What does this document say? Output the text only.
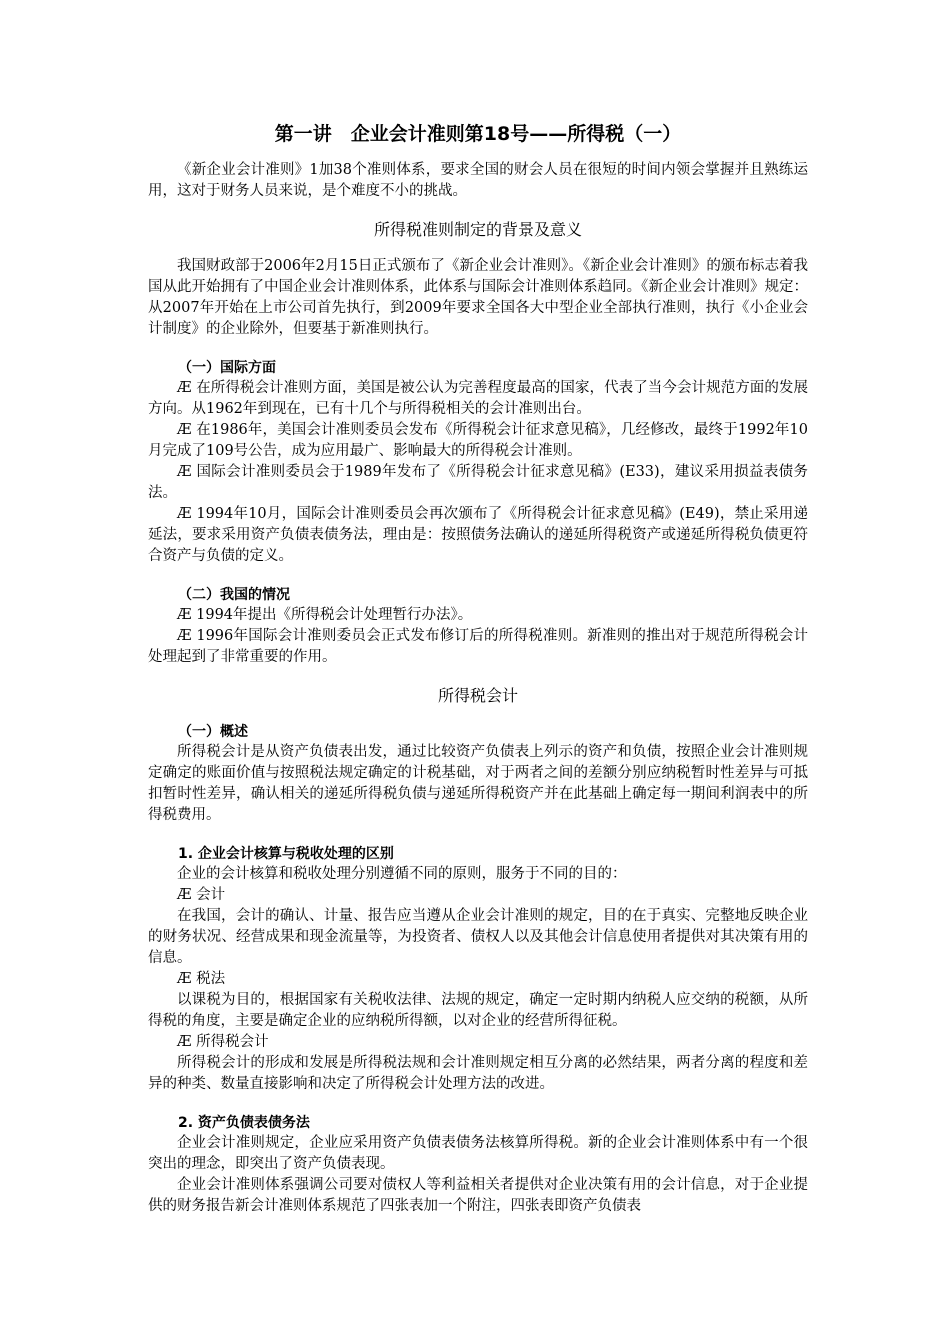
第一讲　企业会计准则第18号——所得税（一）

《新企业会计准则》1加38个准则体系，要求全国的财会人员在很短的时间内领会掌握并且熟练运用，这对于财务人员来说，是个难度不小的挑战。

所得税准则制定的背景及意义

我国财政部于2006年2月15日正式颁布了《新企业会计准则》。《新企业会计准则》的颁布标志着我国从此开始拥有了中国企业会计准则体系，此体系与国际会计准则体系趋同。《新企业会计准则》规定：从2007年开始在上市公司首先执行，到2009年要求全国各大中型企业全部执行准则，执行《小企业会计制度》的企业除外，但要基于新准则执行。

（一）国际方面

Æ 在所得税会计准则方面，美国是被公认为完善程度最高的国家，代表了当今会计规范方面的发展方向。从1962年到现在，已有十几个与所得税相关的会计准则出台。

Æ 在1986年，美国会计准则委员会发布《所得税会计征求意见稿》，几经修改，最终于1992年10月完成了109号公告，成为应用最广、影响最大的所得税会计准则。

Æ 国际会计准则委员会于1989年发布了《所得税会计征求意见稿》(E33)，建议采用损益表债务法。

Æ 1994年10月，国际会计准则委员会再次颁布了《所得税会计征求意见稿》(E49)，禁止采用递延法，要求采用资产负债表债务法，理由是：按照债务法确认的递延所得税资产或递延所得税负债更符合资产与负债的定义。

（二）我国的情况

Æ 1994年提出《所得税会计处理暂行办法》。

Æ 1996年国际会计准则委员会正式发布修订后的所得税准则。新准则的推出对于规范所得税会计处理起到了非常重要的作用。

所得税会计
（一）概述

所得税会计是从资产负债表出发，通过比较资产负债表上列示的资产和负债，按照企业会计准则规定确定的账面价值与按照税法规定确定的计税基础，对于两者之间的差额分别应纳税暂时性差异与可抵扣暂时性差异，确认相关的递延所得税负债与递延所得税资产并在此基础上确定每一期间利润表中的所得税费用。

1. 企业会计核算与税收处理的区别

企业的会计核算和税收处理分别遵循不同的原则，服务于不同的目的：

Æ 会计

在我国，会计的确认、计量、报告应当遵从企业会计准则的规定，目的在于真实、完整地反映企业的财务状况、经营成果和现金流量等，为投资者、债权人以及其他会计信息使用者提供对其决策有用的信息。

Æ 税法

以课税为目的，根据国家有关税收法律、法规的规定，确定一定时期内纳税人应交纳的税额，从所得税的角度，主要是确定企业的应纳税所得额，以对企业的经营所得征税。

Æ 所得税会计

所得税会计的形成和发展是所得税法规和会计准则规定相互分离的必然结果，两者分离的程度和差异的种类、数量直接影响和决定了所得税会计处理方法的改进。

2. 资产负债表债务法

企业会计准则规定，企业应采用资产负债表债务法核算所得税。新的企业会计准则体系中有一个很突出的理念，即突出了资产负债表现。

企业会计准则体系强调公司要对债权人等利益相关者提供对企业决策有用的会计信息，对于企业提供的财务报告新会计准则体系规范了四张表加一个附注，四张表即资产负债表
